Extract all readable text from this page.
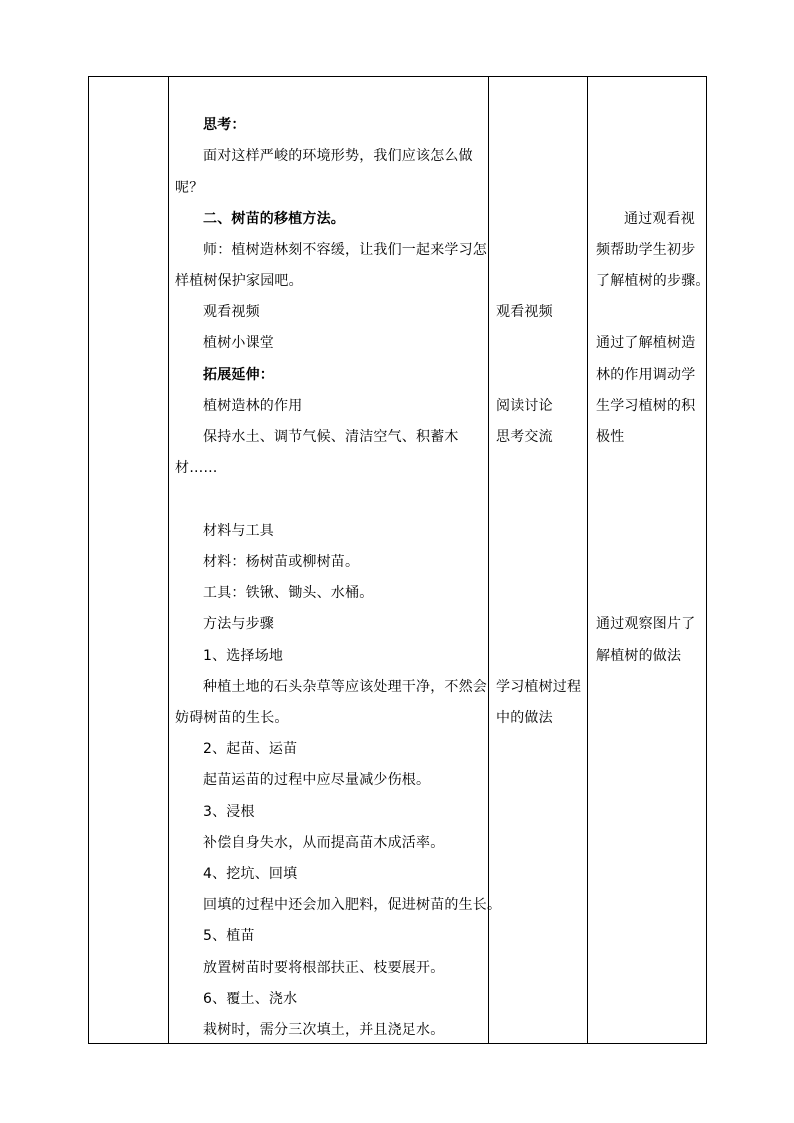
思考：
面对这样严峻的环境形势，我们应该怎么做
呢？
二、树苗的移植方法。
师：植树造林刻不容缓，让我们一起来学习怎
样植树保护家园吧。
观看视频
植树小课堂
拓展延伸：
植树造林的作用
保持水土、调节气候、清洁空气、积蓄木
材……
材料与工具
材料：杨树苗或柳树苗。
工具：铁锹、锄头、水桶。
方法与步骤
1、选择场地
种植土地的石头杂草等应该处理干净，不然会
妨碍树苗的生长。
2、起苗、运苗
起苗运苗的过程中应尽量减少伤根。
3、浸根
补偿自身失水，从而提高苗木成活率。
4、挖坑、回填
回填的过程中还会加入肥料，促进树苗的生长。
5、植苗
放置树苗时要将根部扶正、枝要展开。
6、覆土、浇水
栽树时，需分三次填土，并且浇足水。
观看视频
阅读讨论
思考交流
学习植树过程
中的做法
通过观看视
频帮助学生初步
了解植树的步骤。
通过了解植树造
林的作用调动学
生学习植树的积
极性
通过观察图片了
解植树的做法
